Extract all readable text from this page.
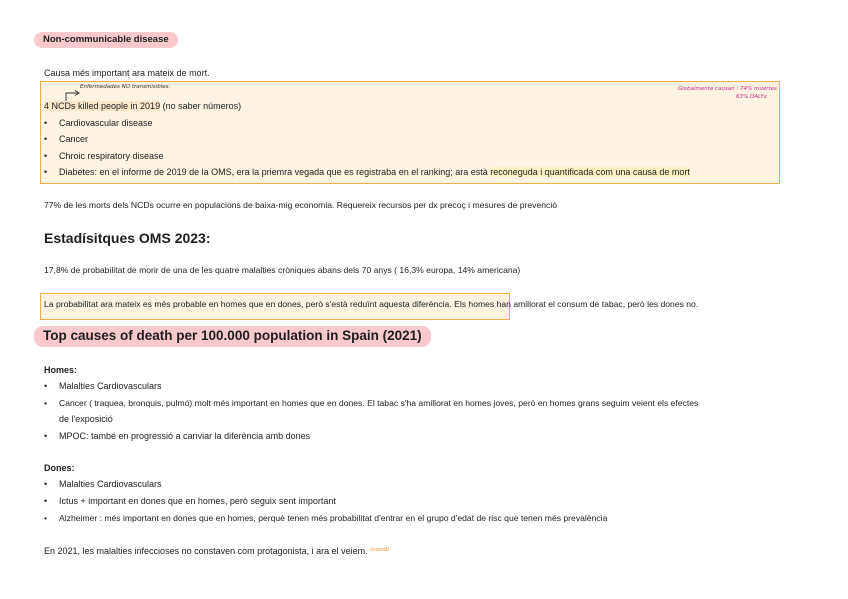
Non-communicable disease
Causa més important ara mateix de mort.
Enfermedades NO transmisibles.	Globalmente causan : 74% muertes
63% DALYs
4 NCDs killed people in 2019 (no saber números)
• Cardiovascular disease
• Cancer
• Chroic respiratory disease
• Diabetes: en el informe de 2019 de la OMS, era la priemra vegada que es registraba en el ranking; ara està reconeguda i quantificada com una causa de mort
77% de les morts dels NCDs ocurre en populacions de baixa-mig economia. Requereix recursos per dx precoç i mesures de prevenció
Estadísitques OMS 2023:
17,8% de probabilitat de morir de una de les quatre malalties cròniques abans dels 70 anys ( 16,3% europa, 14% americana)
La probabilitat ara mateix es més probable en homes que en dones, però s'està reduïnt aquesta diferència. Els homes han amillorat el consum de tabac, però les dones no.
Top causes of death per 100.000 population in Spain (2021)
Homes:
• Malalties Cardiovasculars
• Cancer ( traquea, bronquis, pulmó) molt més important en homes que en dones. El tabac s'ha amillorat en homes joves, però en homes grans seguim veient els efectes
de l'exposició
• MPOC: també en progressió a canviar la diferència amb dones
Dones:
• Malalties Cardiovasculars
• Ictus + important en dones que en homes, però seguix sent important
• Alzheimer : més important en dones que en homes, perquè tenen més probabilitat d'entrar en el grupo d'edat de risc que tenen més prevalència
En 2021, les malalties infeccioses no constaven com protagonista, i ara el veiem. $^{(covid)}$
